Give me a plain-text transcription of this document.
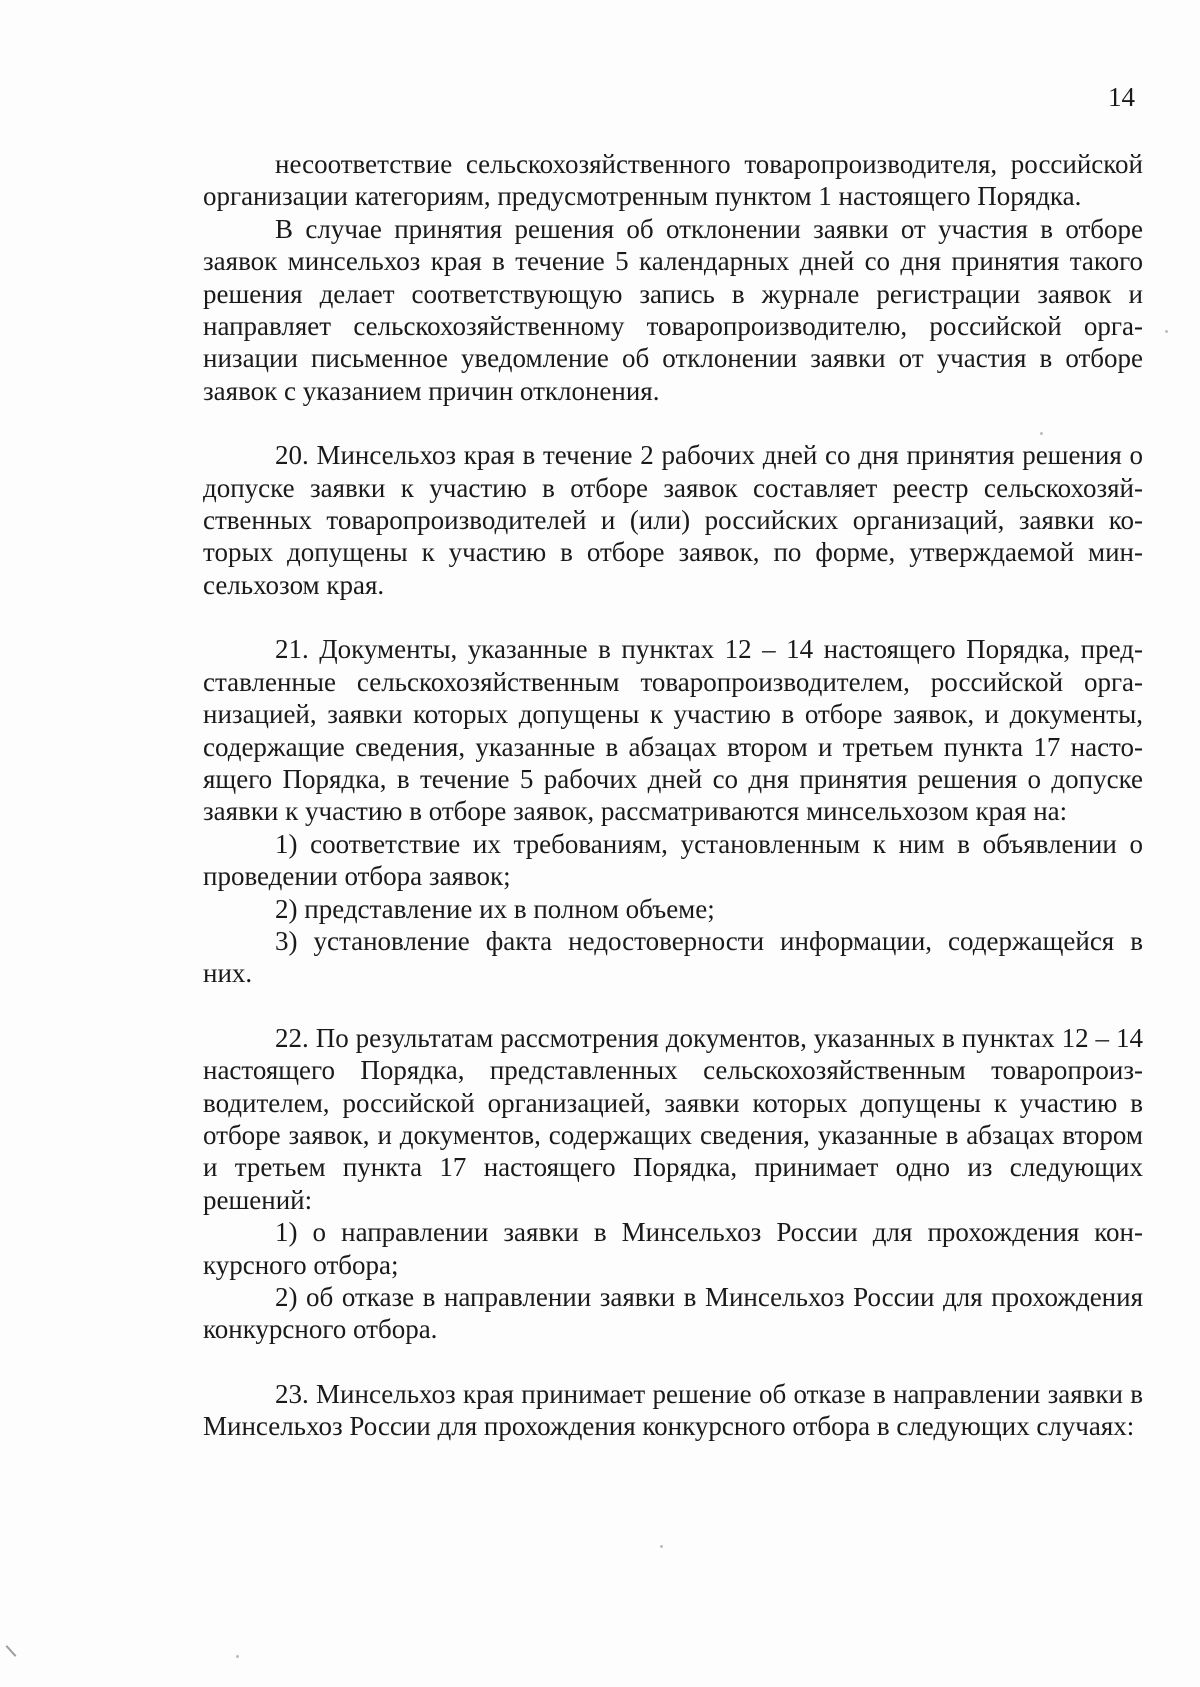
14

несоответствие сельскохозяйственного товаропроизводителя, российской организации категориям, предусмотренным пунктом 1 настоящего Порядка.

В случае принятия решения об отклонении заявки от участия в отборе заявок минсельхоз края в течение 5 календарных дней со дня принятия такого решения делает соответствующую запись в журнале регистрации заявок и направляет сельскохозяйственному товаропроизводителю, российской организации письменное уведомление об отклонении заявки от участия в отборе заявок с указанием причин отклонения.

20. Минсельхоз края в течение 2 рабочих дней со дня принятия решения о допуске заявки к участию в отборе заявок составляет реестр сельскохозяйственных товаропроизводителей и (или) российских организаций, заявки которых допущены к участию в отборе заявок, по форме, утверждаемой минсельхозом края.

21. Документы, указанные в пунктах 12 – 14 настоящего Порядка, представленные сельскохозяйственным товаропроизводителем, российской организацией, заявки которых допущены к участию в отборе заявок, и документы, содержащие сведения, указанные в абзацах втором и третьем пункта 17 настоящего Порядка, в течение 5 рабочих дней со дня принятия решения о допуске заявки к участию в отборе заявок, рассматриваются минсельхозом края на:

1) соответствие их требованиям, установленным к ним в объявлении о проведении отбора заявок;

2) представление их в полном объеме;

3) установление факта недостоверности информации, содержащейся в них.

22. По результатам рассмотрения документов, указанных в пунктах 12 – 14 настоящего Порядка, представленных сельскохозяйственным товаропроизводителем, российской организацией, заявки которых допущены к участию в отборе заявок, и документов, содержащих сведения, указанные в абзацах втором и третьем пункта 17 настоящего Порядка, принимает одно из следующих решений:

1) о направлении заявки в Минсельхоз России для прохождения конкурсного отбора;

2) об отказе в направлении заявки в Минсельхоз России для прохождения конкурсного отбора.

23. Минсельхоз края принимает решение об отказе в направлении заявки в Минсельхоз России для прохождения конкурсного отбора в следующих случаях:
